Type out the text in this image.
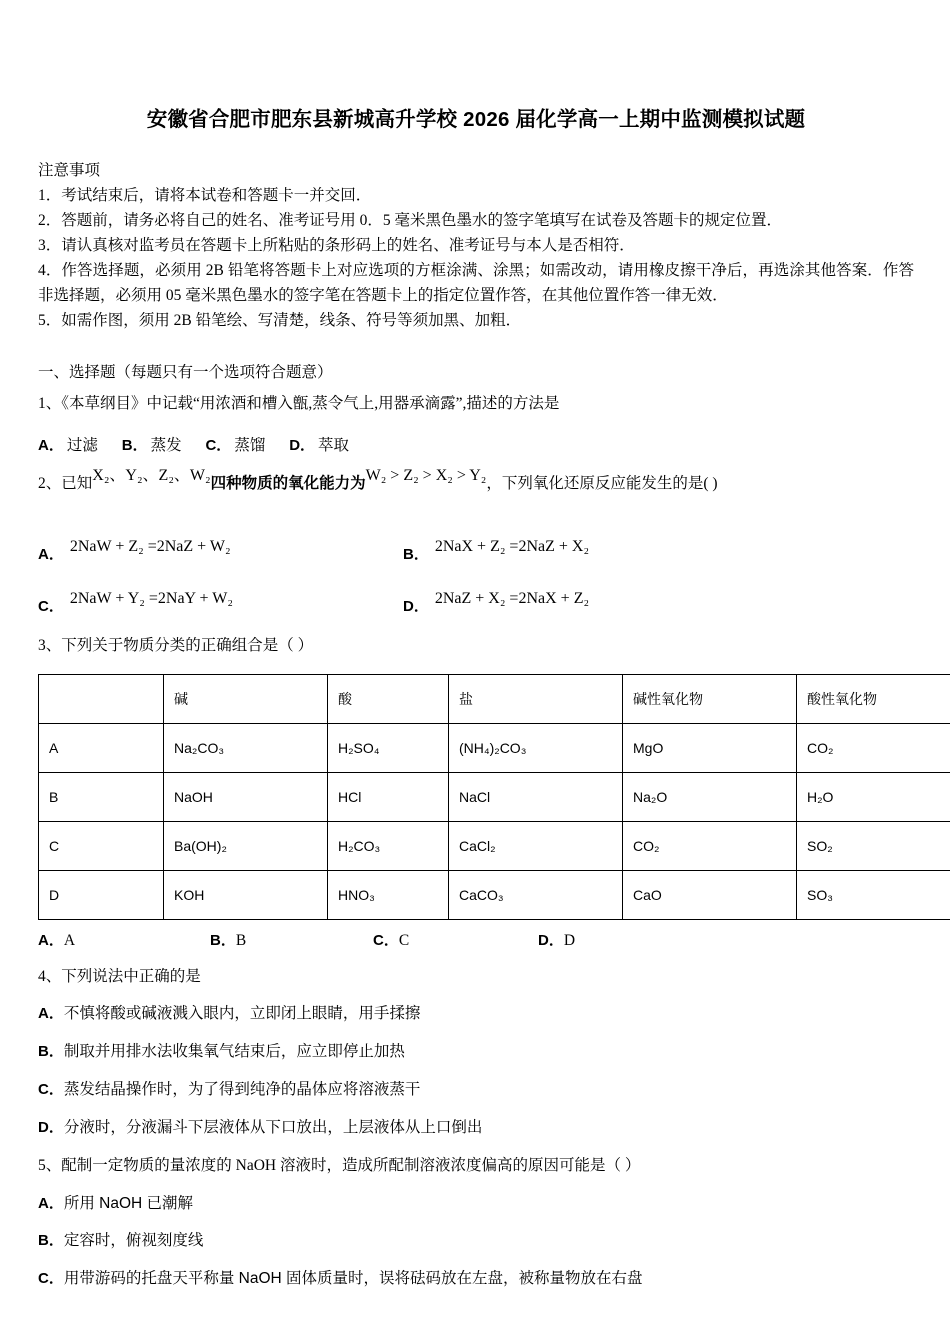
安徽省合肥市肥东县新城高升学校 2026 届化学高一上期中监测模拟试题
注意事项
1．考试结束后，请将本试卷和答题卡一并交回．
2．答题前，请务必将自己的姓名、准考证号用 0．5 毫米黑色墨水的签字笔填写在试卷及答题卡的规定位置．
3．请认真核对监考员在答题卡上所粘贴的条形码上的姓名、准考证号与本人是否相符．
4．作答选择题，必须用 2B 铅笔将答题卡上对应选项的方框涂满、涂黑；如需改动，请用橡皮擦干净后，再选涂其他答案．作答非选择题，必须用 05 毫米黑色墨水的签字笔在答题卡上的指定位置作答，在其他位置作答一律无效．
5．如需作图，须用 2B 铅笔绘、写清楚，线条、符号等须加黑、加粗．
一、选择题（每题只有一个选项符合题意）
1、《本草纲目》中记载“用浓酒和槽入甑,蒸令气上,用器承滴露”,描述的方法是
A． 过滤 B． 蒸发 C． 蒸馏 D． 萃取
2、已知X₂、Y₂、Z₂、W₂四种物质的氧化能力为W₂ > Z₂ > X₂ > Y₂，下列氧化还原反应能发生的是( )
A． 2NaW + Z₂ =2NaZ + W₂	B． 2NaX + Z₂ =2NaZ + X₂
C． 2NaW + Y₂ =2NaY + W₂	D． 2NaZ + X₂ =2NaX + Z₂
3、下列关于物质分类的正确组合是（ ）
	碱	酸	盐	碱性氧化物	酸性氧化物
A	Na₂CO₃	H₂SO₄	(NH₄)₂CO₃	MgO	CO₂
B	NaOH	HCl	NaCl	Na₂O	H₂O
C	Ba(OH)₂	H₂CO₃	CaCl₂	CO₂	SO₂
D	KOH	HNO₃	CaCO₃	CaO	SO₃
A．A	B．B	C．C	D．D
4、下列说法中正确的是
A．不慎将酸或碱液溅入眼内，立即闭上眼睛，用手揉擦
B．制取并用排水法收集氧气结束后，应立即停止加热
C．蒸发结晶操作时，为了得到纯净的晶体应将溶液蒸干
D．分液时，分液漏斗下层液体从下口放出，上层液体从上口倒出
5、配制一定物质的量浓度的 NaOH 溶液时，造成所配制溶液浓度偏高的原因可能是（ ）
A．所用 NaOH 已潮解
B．定容时，俯视刻度线
C．用带游码的托盘天平称量 NaOH 固体质量时，误将砝码放在左盘，被称量物放在右盘
